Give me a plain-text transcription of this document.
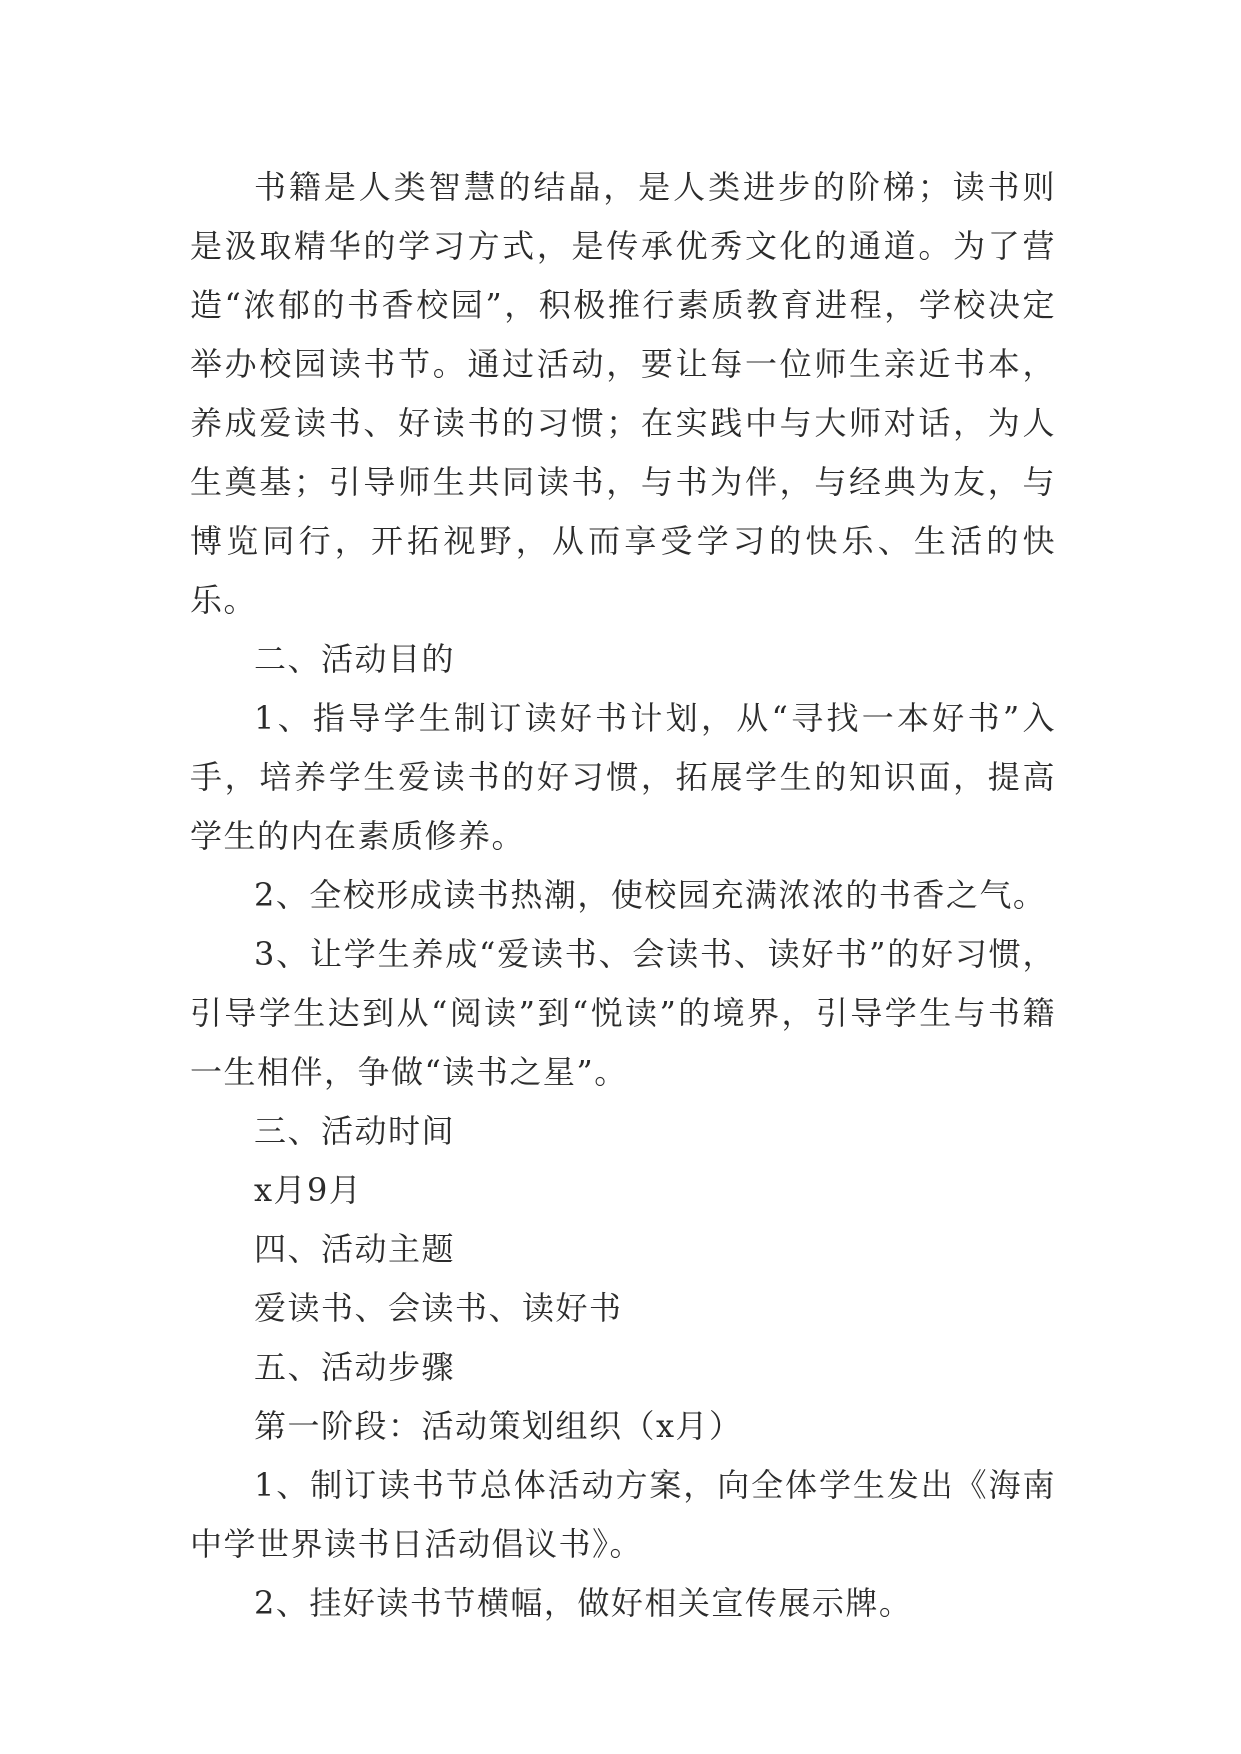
书籍是人类智慧的结晶，是人类进步的阶梯；读书则是汲取精华的学习方式，是传承优秀文化的通道。为了营造“浓郁的书香校园”，积极推行素质教育进程，学校决定举办校园读书节。通过活动，要让每一位师生亲近书本，养成爱读书、好读书的习惯；在实践中与大师对话，为人生奠基；引导师生共同读书，与书为伴，与经典为友，与博览同行，开拓视野，从而享受学习的快乐、生活的快乐。

二、活动目的

1、指导学生制订读好书计划，从“寻找一本好书”入手，培养学生爱读书的好习惯，拓展学生的知识面，提高学生的内在素质修养。

2、全校形成读书热潮，使校园充满浓浓的书香之气。

3、让学生养成“爱读书、会读书、读好书”的好习惯，引导学生达到从“阅读”到“悦读”的境界，引导学生与书籍一生相伴，争做“读书之星”。

三、活动时间

x月9月

四、活动主题

爱读书、会读书、读好书

五、活动步骤

第一阶段：活动策划组织（x月）

1、制订读书节总体活动方案，向全体学生发出《海南中学世界读书日活动倡议书》。

2、挂好读书节横幅，做好相关宣传展示牌。
